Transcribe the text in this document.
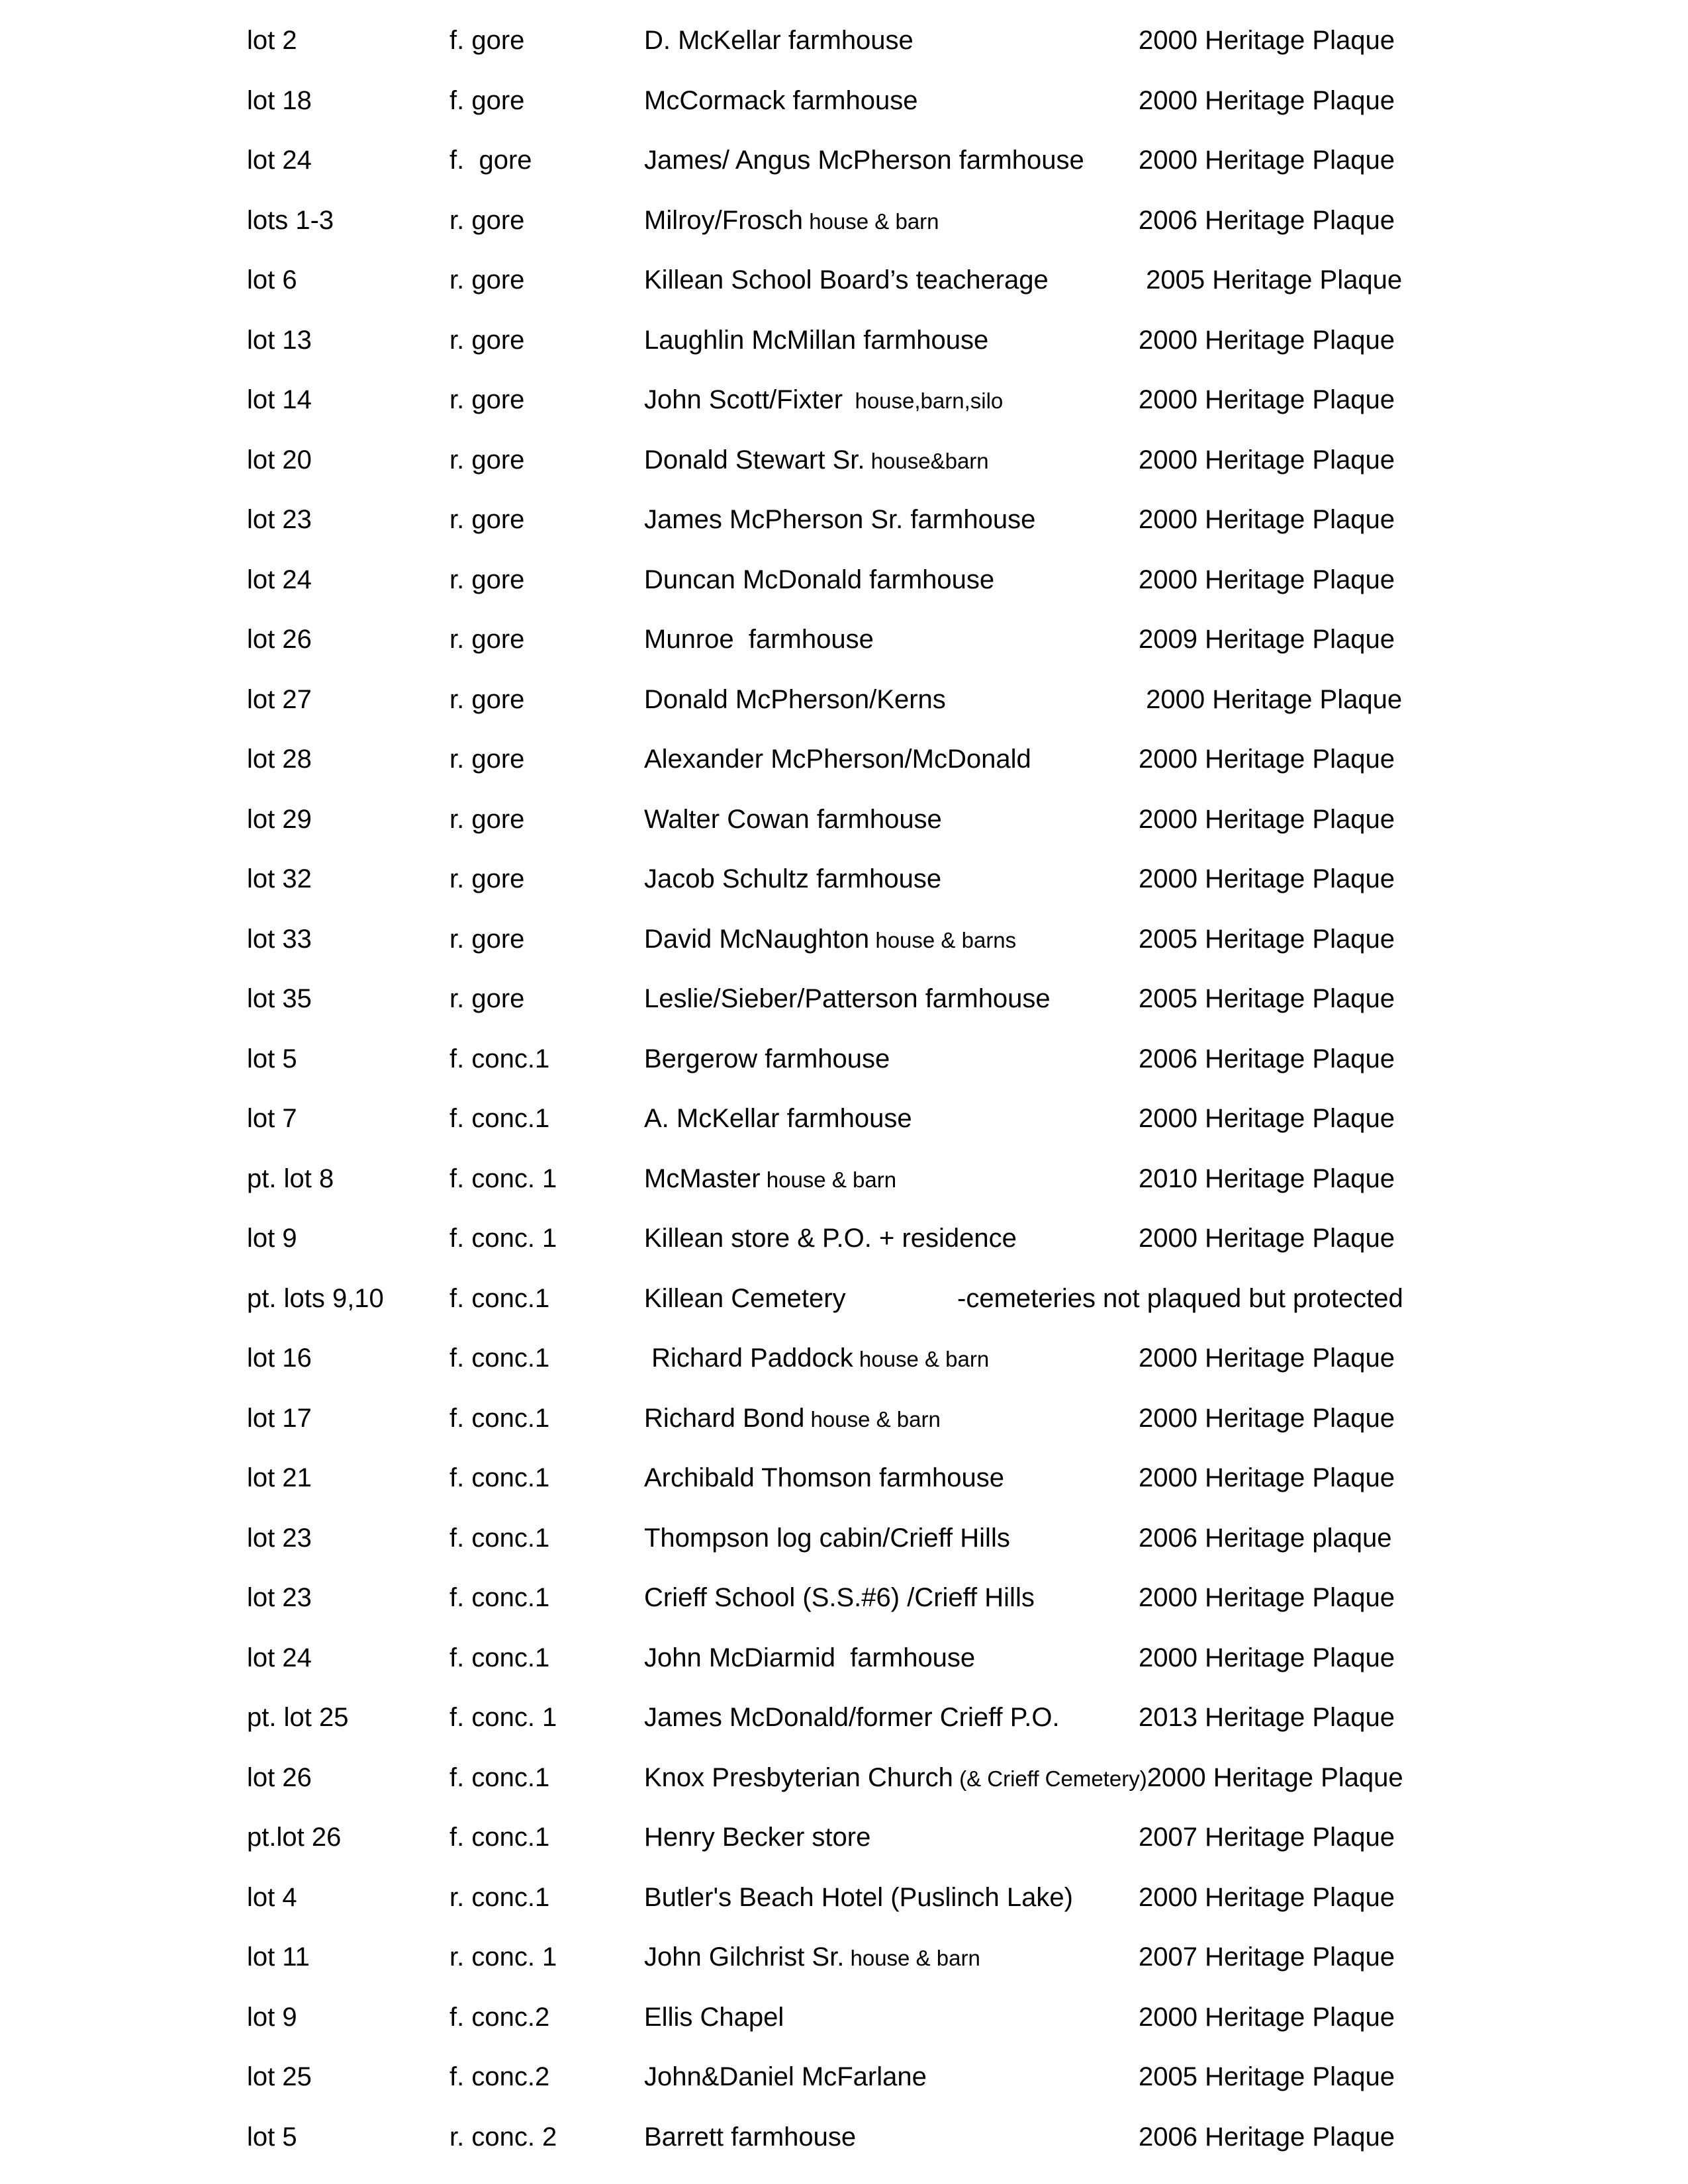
lot 2	f. gore	D. McKellar farmhouse	2000 Heritage Plaque
lot 18	f. gore	McCormack farmhouse	2000 Heritage Plaque
lot 24	f.  gore	James/ Angus McPherson farmhouse 2000 Heritage Plaque
lots 1-3	r. gore	Milroy/Frosch house & barn	2006 Heritage Plaque
lot 6	r. gore	Killean School Board’s teacherage	2005 Heritage Plaque
lot 13	r. gore	Laughlin McMillan farmhouse	2000 Heritage Plaque
lot 14	r. gore	John Scott/Fixter  house,barn,silo	2000 Heritage Plaque
lot 20	r. gore	Donald Stewart Sr. house&barn	2000 Heritage Plaque
lot 23	r. gore	James McPherson Sr. farmhouse	2000 Heritage Plaque
lot 24	r. gore	Duncan McDonald farmhouse	2000 Heritage Plaque
lot 26	r. gore	Munroe  farmhouse	2009 Heritage Plaque
lot 27	r. gore	Donald McPherson/Kerns	2000 Heritage Plaque
lot 28	r. gore	Alexander McPherson/McDonald	2000 Heritage Plaque
lot 29	r. gore	Walter Cowan farmhouse	2000 Heritage Plaque
lot 32	r. gore	Jacob Schultz farmhouse	2000 Heritage Plaque
lot 33	r. gore	David McNaughton house & barns	2005 Heritage Plaque
lot 35	r. gore	Leslie/Sieber/Patterson farmhouse	2005 Heritage Plaque
lot 5	f. conc.1	Bergerow farmhouse	2006 Heritage Plaque
lot 7	f. conc.1	A. McKellar farmhouse	2000 Heritage Plaque
pt. lot 8	f. conc. 1	McMaster house & barn	2010 Heritage Plaque
lot 9	f. conc. 1	Killean store & P.O. + residence	2000 Heritage Plaque
pt. lots 9,10 f. conc.1	Killean Cemetery	-cemeteries not plaqued but protected
lot 16	f. conc.1	Richard Paddock house & barn	2000 Heritage Plaque
lot 17	f. conc.1	Richard Bond house & barn	2000 Heritage Plaque
lot 21	f. conc.1	Archibald Thomson farmhouse	2000 Heritage Plaque
lot 23	f. conc.1	Thompson log cabin/Crieff Hills	2006 Heritage plaque
lot 23	f. conc.1	Crieff School (S.S.#6) /Crieff Hills	2000 Heritage Plaque
lot 24	f. conc.1	John McDiarmid  farmhouse	2000 Heritage Plaque
pt. lot 25	f. conc. 1	James McDonald/former Crieff P.O.	2013 Heritage Plaque
lot 26	f. conc.1	Knox Presbyterian Church (& Crieff Cemetery)2000 Heritage Plaque
pt.lot 26	f. conc.1	Henry Becker store	2007 Heritage Plaque
lot 4	r. conc.1	Butler's Beach Hotel (Puslinch Lake) 2000 Heritage Plaque
lot 11	r. conc. 1	John Gilchrist Sr. house & barn	2007 Heritage Plaque
lot 9	f. conc.2	Ellis Chapel	2000 Heritage Plaque
lot 25	f. conc.2	John&Daniel McFarlane	2005 Heritage Plaque
lot 5	r. conc. 2	Barrett farmhouse	2006 Heritage Plaque
